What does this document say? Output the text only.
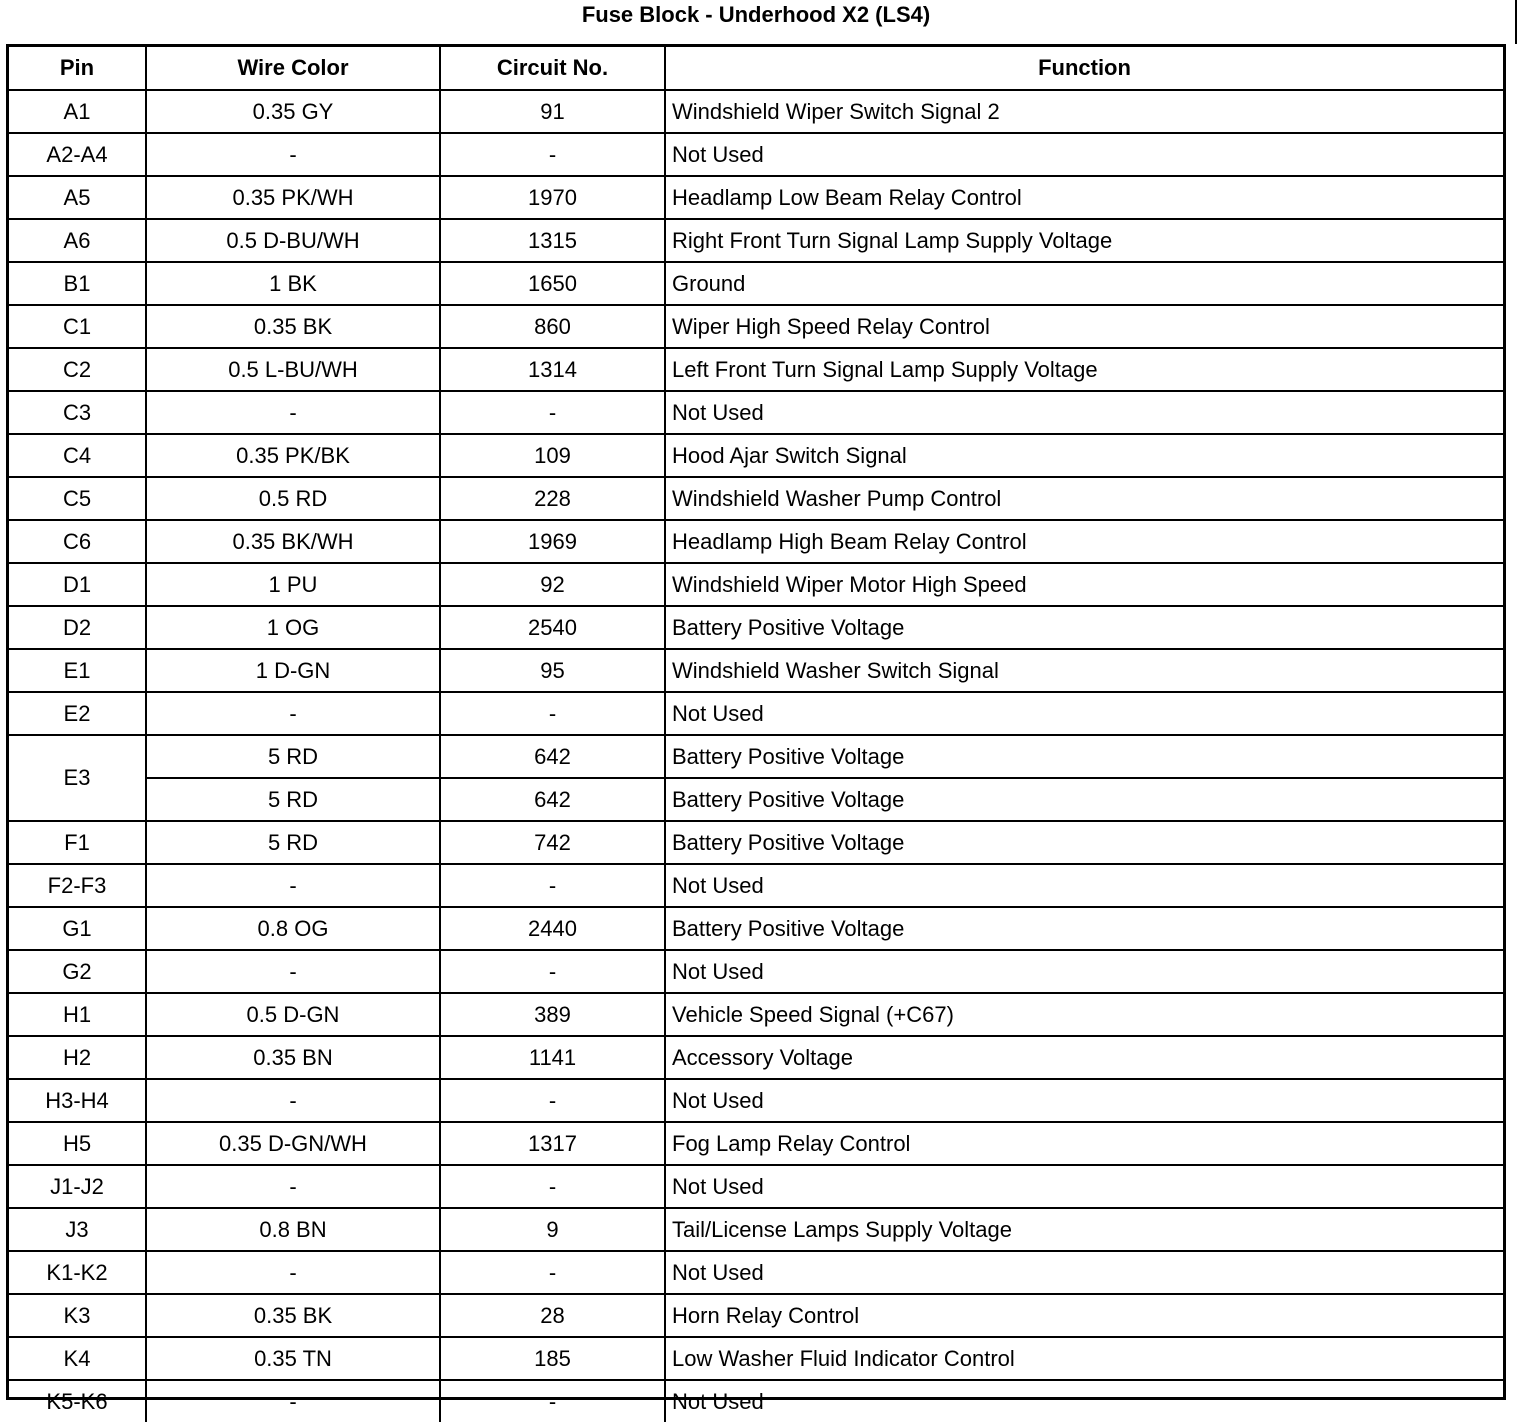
Fuse Block - Underhood X2 (LS4)
Pin	Wire Color	Circuit No.	Function
A1	0.35 GY	91	Windshield Wiper Switch Signal 2
A2-A4	-	-	Not Used
A5	0.35 PK/WH	1970	Headlamp Low Beam Relay Control
A6	0.5 D-BU/WH	1315	Right Front Turn Signal Lamp Supply Voltage
B1	1 BK	1650	Ground
C1	0.35 BK	860	Wiper High Speed Relay Control
C2	0.5 L-BU/WH	1314	Left Front Turn Signal Lamp Supply Voltage
C3	-	-	Not Used
C4	0.35 PK/BK	109	Hood Ajar Switch Signal
C5	0.5 RD	228	Windshield Washer Pump Control
C6	0.35 BK/WH	1969	Headlamp High Beam Relay Control
D1	1 PU	92	Windshield Wiper Motor High Speed
D2	1 OG	2540	Battery Positive Voltage
E1	1 D-GN	95	Windshield Washer Switch Signal
E2	-	-	Not Used
E3	5 RD	642	Battery Positive Voltage
	5 RD	642	Battery Positive Voltage
F1	5 RD	742	Battery Positive Voltage
F2-F3	-	-	Not Used
G1	0.8 OG	2440	Battery Positive Voltage
G2	-	-	Not Used
H1	0.5 D-GN	389	Vehicle Speed Signal (+C67)
H2	0.35 BN	1141	Accessory Voltage
H3-H4	-	-	Not Used
H5	0.35 D-GN/WH	1317	Fog Lamp Relay Control
J1-J2	-	-	Not Used
J3	0.8 BN	9	Tail/License Lamps Supply Voltage
K1-K2	-	-	Not Used
K3	0.35 BK	28	Horn Relay Control
K4	0.35 TN	185	Low Washer Fluid Indicator Control
K5-K6	-	-	Not Used
